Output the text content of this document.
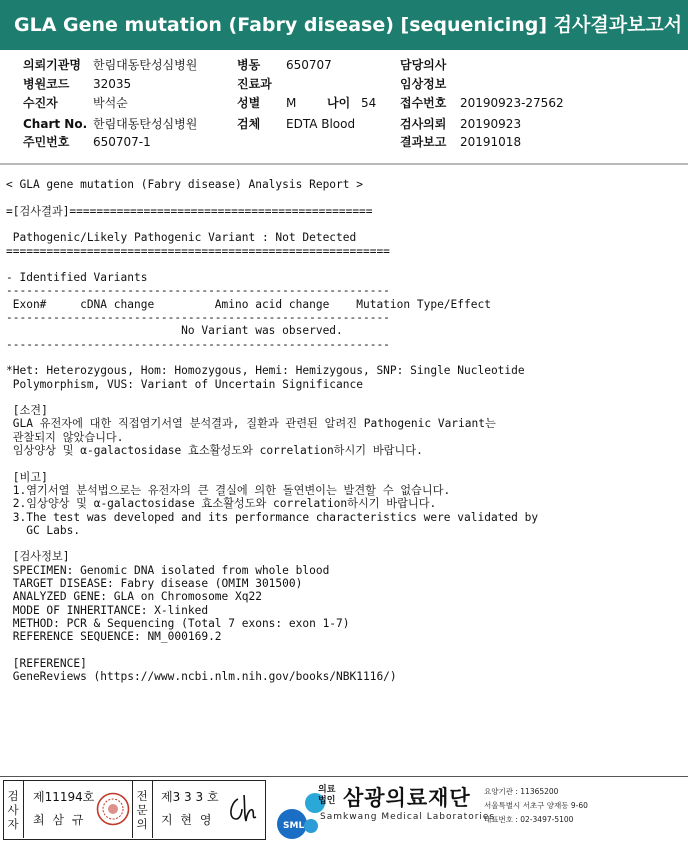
GLA Gene mutation (Fabry disease) [sequenicing] 검사결과보고서
의뢰기관명 한림대동탄성심병원	병동 650707	담당의사
병원코드 32035	진료과	임상정보
수진자	박석순	성별 M	나이 54 접수번호 20190923-27562
Chart No. 한림대동탄성심병원	검체 EDTA Blood	검사의뢰 20190923
주민번호 650707-1	결과보고 20191018
< GLA gene mutation (Fabry disease) Analysis Report >
=[검사결과]=============================================
Pathogenic/Likely Pathogenic Variant : Not Detected
=========================================================
- Identified Variants
---------------------------------------------------------
Exon#     cDNA change         Amino acid change    Mutation Type/Effect
---------------------------------------------------------
No Variant was observed.
---------------------------------------------------------
*Het: Heterozygous, Hom: Homozygous, Hemi: Hemizygous, SNP: Single Nucleotide
Polymorphism, VUS: Variant of Uncertain Significance
[소견]
GLA 유전자에 대한 직접염기서열 분석결과, 질환과 관련된 알려진 Pathogenic Variant는
관찰되지 않았습니다.
임상양상 및 α-galactosidase 효소활성도와 correlation하시기 바랍니다.
[비고]
1.염기서열 분석법으로는 유전자의 큰 결실에 의한 돌연변이는 발견할 수 없습니다.
2.임상양상 및 α-galactosidase 효소활성도와 correlation하시기 바랍니다.
3.The test was developed and its performance characteristics were validated by
GC Labs.
[검사정보]
SPECIMEN: Genomic DNA isolated from whole blood
TARGET DISEASE: Fabry disease (OMIM 301500)
ANALYZED GENE: GLA on Chromosome Xq22
MODE OF INHERITANCE: X-linked
METHOD: PCR & Sequencing (Total 7 exons: exon 1-7)
REFERENCE SEQUENCE: NM_000169.2
[REFERENCE]
GeneReviews (https://www.ncbi.nlm.nih.gov/books/NBK1116/)
검
사
자
제11194호
최 삼 규
전
문
의
제3 3 3 호
지 현 영	SML
의료법인 삼광의료재단
Samkwang Medical Laboratories
요양기관 : 11365200
서울특별시 서초구 양재동 9-60
대표번호 : 02-3497-5100
